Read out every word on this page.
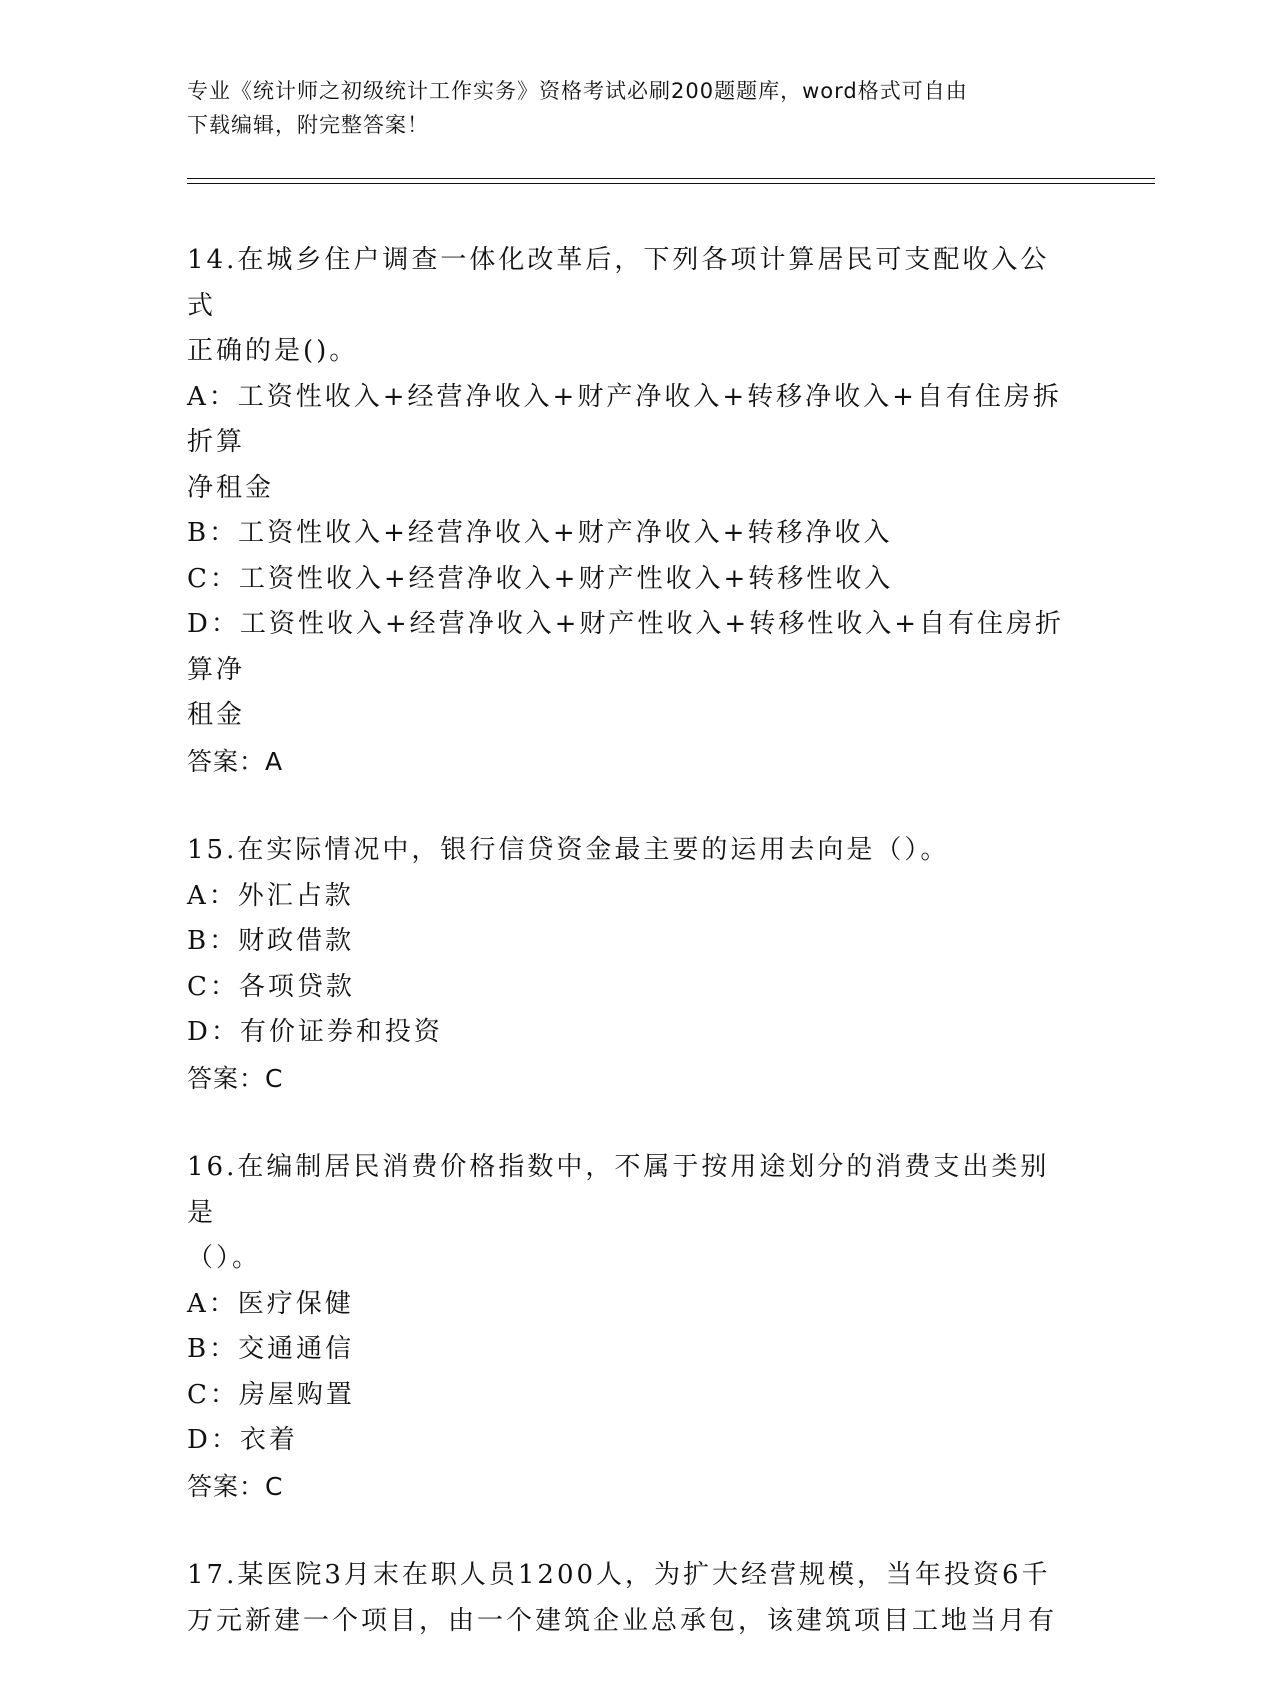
专业《统计师之初级统计工作实务》资格考试必刷200题题库，word格式可自由
下载编辑，附完整答案！
14.在城乡住户调查一体化改革后，下列各项计算居民可支配收入公式
正确的是()。
A：工资性收入+经营净收入+财产净收入+转移净收入+自有住房拆折算
净租金
B：工资性收入+经营净收入+财产净收入+转移净收入
C：工资性收入+经营净收入+财产性收入+转移性收入
D：工资性收入+经营净收入+财产性收入+转移性收入+自有住房折算净
租金
答案：A
15.在实际情况中，银行信贷资金最主要的运用去向是（）。
A：外汇占款
B：财政借款
C：各项贷款
D：有价证券和投资
答案：C
16.在编制居民消费价格指数中，不属于按用途划分的消费支出类别是
（）。
A：医疗保健
B：交通通信
C：房屋购置
D：衣着
答案：C
17.某医院3月末在职人员1200人，为扩大经营规模，当年投资6千
万元新建一个项目，由一个建筑企业总承包，该建筑项目工地当月有
